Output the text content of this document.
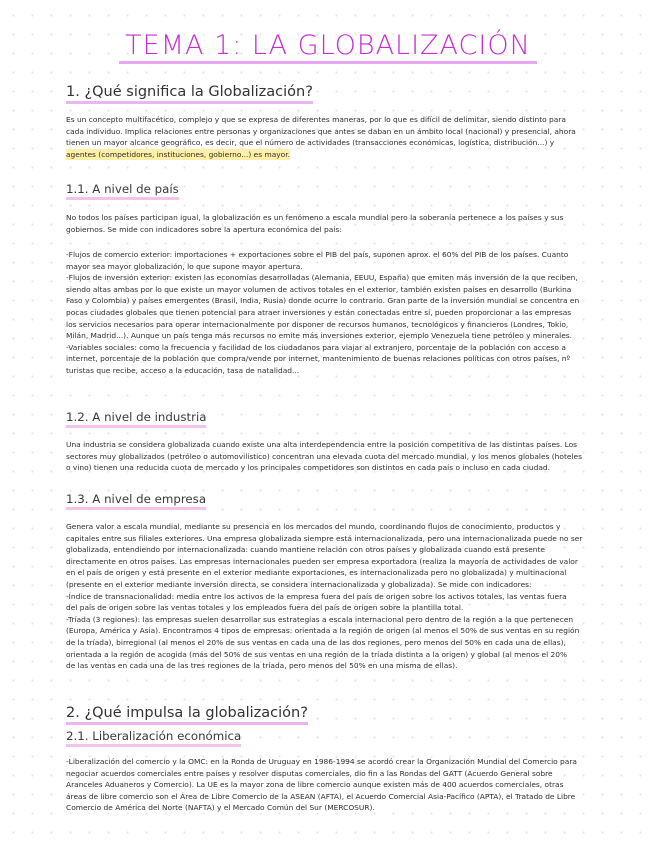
TEMA 1: LA GLOBALIZACIÓN
1. ¿Qué significa la Globalización?
Es un concepto multifacético, complejo y que se expresa de diferentes maneras, por lo que es difícil de delimitar, siendo distinto para
cada individuo. Implica relaciones entre personas y organizaciones que antes se daban en un ámbito local (nacional) y presencial, ahora
tienen un mayor alcance geográfico, es decir, que el número de actividades (transacciones económicas, logística, distribución...) y
agentes (competidores, instituciones, gobierno...) es mayor.
1.1. A nivel de país
No todos los países participan igual, la globalización es un fenómeno a escala mundial pero la soberanía pertenece a los países y sus
gobiernos. Se mide con indicadores sobre la apertura económica del país:
-Flujos de comercio exterior: importaciones + exportaciones sobre el PIB del país, suponen aprox. el 60% del PIB de los países. Cuanto
mayor sea mayor globalización, lo que supone mayor apertura.
-Flujos de inversión exterior: existen las economías desarrolladas (Alemania, EEUU, España) que emiten más inversión de la que reciben,
siendo altas ambas por lo que existe un mayor volumen de activos totales en el exterior, también existen países en desarrollo (Burkina
Faso y Colombia) y países emergentes (Brasil, India, Rusia) donde ocurre lo contrario. Gran parte de la inversión mundial se concentra en
pocas ciudades globales que tienen potencial para atraer inversiones y están conectadas entre sí, pueden proporcionar a las empresas
los servicios necesarios para operar internacionalmente por disponer de recursos humanos, tecnológicos y financieros (Londres, Tokio,
Milán, Madrid...). Aunque un país tenga más recursos no emite más inversiones exterior, ejemplo Venezuela tiene petróleo y minerales.
-Variables sociales: como la frecuencia y facilidad de los ciudadanos para viajar al extranjero, porcentaje de la población con acceso a
internet, porcentaje de la población que compra/vende por internet, mantenimiento de buenas relaciones políticas con otros países, nº
turistas que recibe, acceso a la educación, tasa de natalidad...
1.2. A nivel de industria
Una industria se considera globalizada cuando existe una alta interdependencia entre la posición competitiva de las distintas países. Los
sectores muy globalizados (petróleo o automovilístico) concentran una elevada cuota del mercado mundial, y los menos globales (hoteles
o vino) tienen una reducida cuota de mercado y los principales competidores son distintos en cada país o incluso en cada ciudad.
1.3. A nivel de empresa
Genera valor a escala mundial, mediante su presencia en los mercados del mundo, coordinando flujos de conocimiento, productos y
capitales entre sus filiales exteriores. Una empresa globalizada siempre está internacionalizada, pero una internacionalizada puede no ser
globalizada, entendiendo por internacionalizada: cuando mantiene relación con otros países y globalizada cuando está presente
directamente en otros países. Las empresas internacionales pueden ser empresa exportadora (realiza la mayoría de actividades de valor
en el país de origen y está presente en el exterior mediante exportaciones, es internacionalizada pero no globalizada) y multinacional
(presente en el exterior mediante inversión directa, se considera internacionalizada y globalizada). Se mide con indicadores:
-Índice de transnacionalidad: media entre los activos de la empresa fuera del país de origen sobre los activos totales, las ventas fuera
del país de origen sobre las ventas totales y los empleados fuera del país de origen sobre la plantilla total.
-Tríada (3 regiones): las empresas suelen desarrollar sus estrategias a escala internacional pero dentro de la región a la que pertenecen
(Europa, América y Asia). Encontramos 4 tipos de empresas: orientada a la región de origen (al menos el 50% de sus ventas en su región
de la tríada), birregional (al menos el 20% de sus ventas en cada una de las dos regiones, pero menos del 50% en cada una de ellas),
orientada a la región de acogida (más del 50% de sus ventas en una región de la tríada distinta a la origen) y global (al menos el 20%
de las ventas en cada una de las tres regiones de la tríada, pero menos del 50% en una misma de ellas).
2. ¿Qué impulsa la globalización?
2.1. Liberalización económica
-Liberalización del comercio y la OMC: en la Ronda de Uruguay en 1986-1994 se acordó crear la Organización Mundial del Comercio para
negociar acuerdos comerciales entre países y resolver disputas comerciales, dio fin a las Rondas del GATT (Acuerdo General sobre
Aranceles Aduaneros y Comercio). La UE es la mayor zona de libre comercio aunque existen más de 400 acuerdos comerciales, otras
áreas de libre comercio son el Área de Libre Comercio de la ASEAN (AFTA), el Acuerdo Comercial Asia-Pacífico (APTA), el Tratado de Libre
Comercio de América del Norte (NAFTA) y el Mercado Común del Sur (MERCOSUR).
